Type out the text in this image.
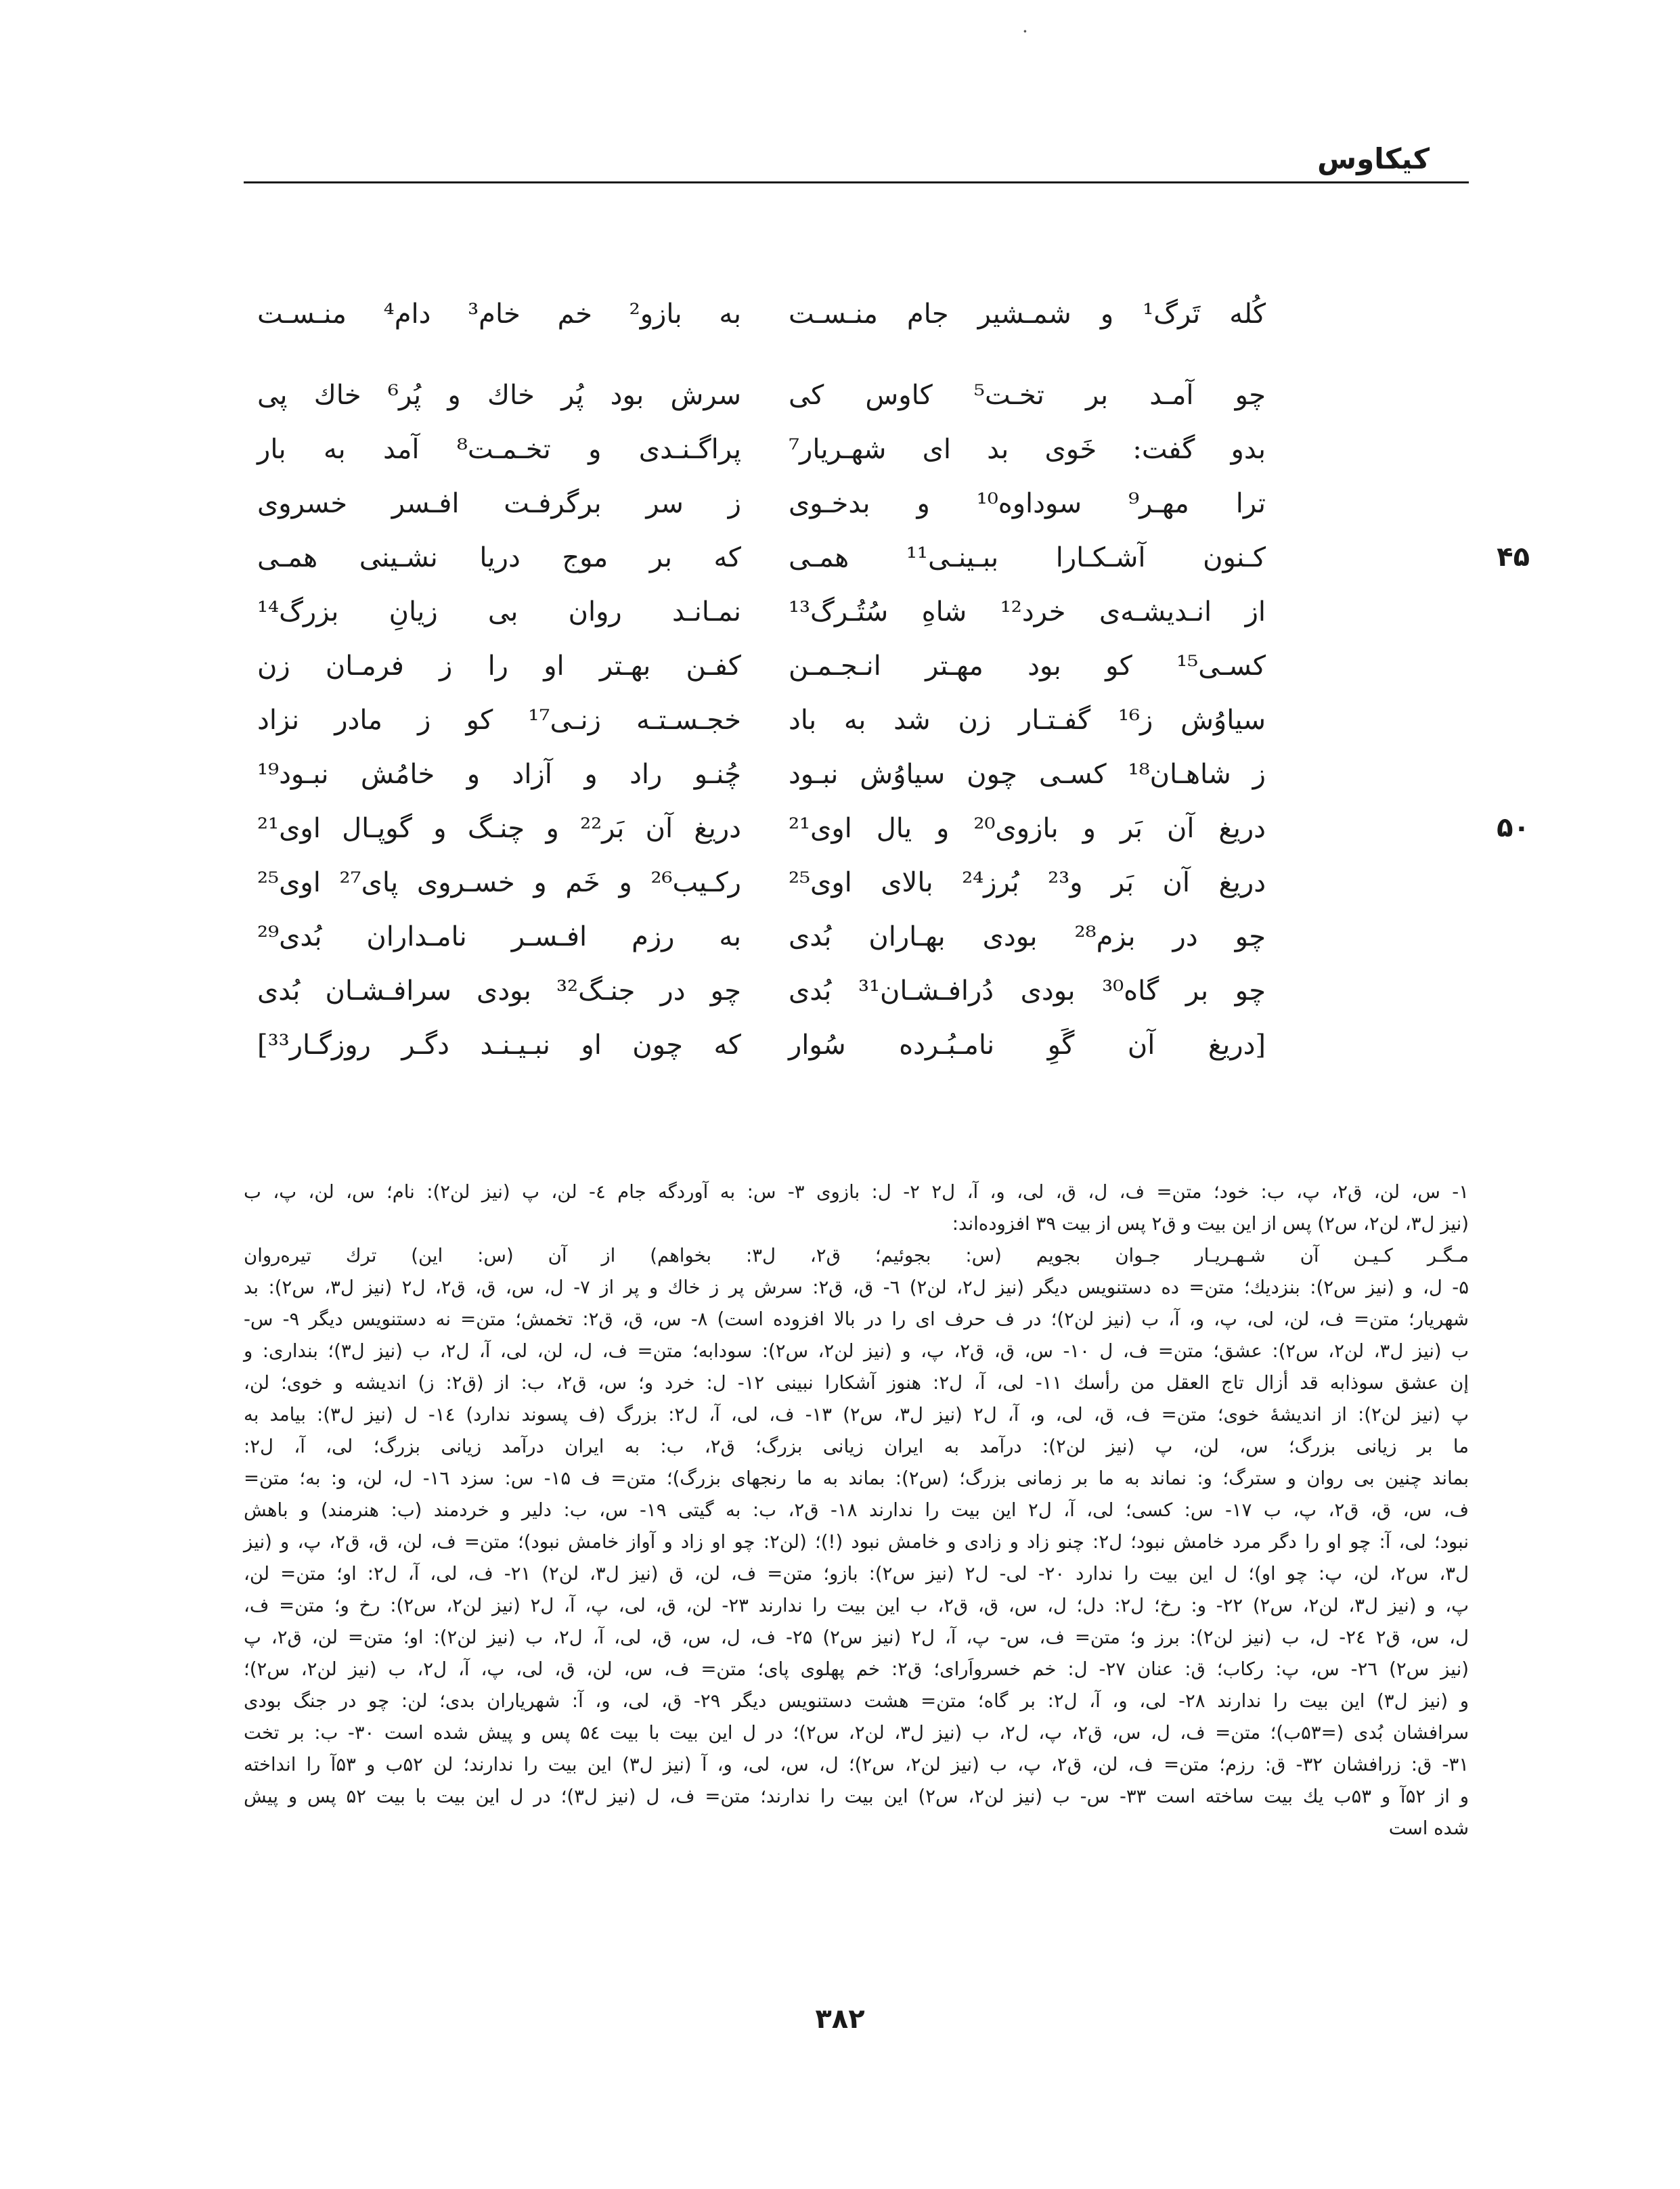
·
کیکاوس
کُله تَرگ¹ و شمـشیر جام منـسـت
به بازو² خم خام³ دام⁴ منـسـت
چو آمـد بر تخـت⁵ کاوس کی
سرش بود پُر خاك و پُر⁶ خاك پی
بدو گفت: خَوی بد ای شهـریار⁷
پراگـنـدی و تخـمـت⁸ آمد به بار
ترا مهـر⁹ سوداوه¹⁰ و بدخـوی
ز سر برگرفـت افـسر خسروی
۴۵
کـنون آشـکـارا ببـینـی¹¹ همـی
که بر موج دریا نشـینی همـی
از انـدیشـه‌ی خرد¹² شاهِ سُتُـرگ¹³
نمـانـد روان بی زیانِ بزرگ¹⁴
کسـی¹⁵ کو بود مهـتر انـجـمـن
کفـن بهـتر او را ز فرمـان زن
سیاوُش ز¹⁶ گفـتـار زن شد به باد
خجـسـتـه زنـی¹⁷ کو ز مادر نزاد
ز شاهـان¹⁸ کسـی چون سیاوُش نبـود
چُنـو راد و آزاد و خامُش نبـود¹⁹
۵۰
دریغ آن بَر و بازوی²⁰ و یال اوی²¹
دریغ آن بَر²² و چنـگ و گوپـال اوی²¹
دریغ آن بَر و²³ بُرز²⁴ بالای اوی²⁵
رکـیب²⁶ و خَم و خسـروی پای²⁷ اوی²⁵
چو در بزم²⁸ بودی بهـاران بُدی
به رزم افـسـر نامـداران بُدی²⁹
چو بر گاه³⁰ بودی دُرافـشـان³¹ بُدی
چو در جنـگ³² بودی سرافـشـان بُدی
[دریغ آن گَوِ نامـبُـرده سُوار
که چون او نبـیـنـد دگـر روزگـار³³]
۱- س، لن، ق۲، پ، ب: خود؛ متن= ف، ل، ق، لی، و، آ، ل۲ ۲- ل: بازوی ۳- س: به آوردگه جام ٤- لن، پ (نیز لن۲): نام؛ س، لن، پ، ب
(نیز ل۳، لن۲، س۲) پس از این بیت و ق۲ پس از بیت ۳۹ افزوده‌اند:
مـگـر کـیـن آن شـهـریـار جـوان بجویم (س: بجوئیم؛ ق۲، ل۳: بخواهم) از آن (س: این) ترك تیره‌روان
۵- ل، و (نیز س۲): بنزدیك؛ متن= ده دستنویس دیگر (نیز ل۲، لن۲) ٦- ق، ق۲: سرش پر ز خاك و پر از ۷- ل، س، ق، ق۲، ل۲ (نیز ل۳، س۲): بد
شهریار؛ متن= ف، لن، لی، پ، و، آ، ب (نیز لن۲)؛ در ف حرف ای را در بالا افزوده است) ۸- س، ق، ق۲: تخمش؛ متن= نه دستنویس دیگر ۹- س-
ب (نیز ل۳، لن۲، س۲): عشق؛ متن= ف، ل ۱۰- س، ق، ق۲، پ، و (نیز لن۲، س۲): سودابه؛ متن= ف، ل، لن، لی، آ، ل۲، ب (نیز ل۳)؛ بنداری: و
إن عشق سوذابه قد أزال تاج العقل من رأسك ۱۱- لی، آ، ل۲: هنوز آشکارا نبینی ۱۲- ل: خرد و؛ س، ق۲، ب: از (ق۲: ز) اندیشه و خوی؛ لن،
پ (نیز لن۲): از اندیشهٔ خوی؛ متن= ف، ق، لی، و، آ، ل۲ (نیز ل۳، س۲) ۱۳- ف، لی، آ، ل۲: بزرگ (ف پسوند ندارد) ١٤- ل (نیز ل۳): بیامد به
ما بر زیانی بزرگ؛ س، لن، پ (نیز لن۲): درآمد به ایران زیانی بزرگ؛ ق۲، ب: به ایران درآمد زیانی بزرگ؛ لی، آ، ل۲:
بماند چنین بی روان و سترگ؛ و: نماند به ما بر زمانی بزرگ؛ (س۲): بماند به ما رنجهای بزرگ)؛ متن= ف ۱۵- س: سزد ۱٦- ل، لن، و: به؛ متن=
ف، س، ق، ق۲، پ، ب ۱۷- س: کسی؛ لی، آ، ل۲ این بیت را ندارند ۱۸- ق۲، ب: به گیتی ۱۹- س، ب: دلیر و خردمند (ب: هنرمند) و باهش
نبود؛ لی، آ: چو او را دگر مرد خامش نبود؛ ل۲: چنو زاد و زادی و خامش نبود (!)؛ (لن۲: چو او زاد و آواز خامش نبود)؛ متن= ف، لن، ق، ق۲، پ، و (نیز
ل۳، س۲، لن، پ: چو او)؛ ل این بیت را ندارد ۲۰- لی- ل۲ (نیز س۲): بازو؛ متن= ف، لن، ق (نیز ل۳، لن۲) ۲۱- ف، لی، آ، ل۲: او؛ متن= لن،
پ، و (نیز ل۳، لن۲، س۲) ۲۲- و: رخ؛ ل۲: دل؛ ل، س، ق، ق۲، ب این بیت را ندارند ۲۳- لن، ق، لی، پ، آ، ل۲ (نیز لن۲، س۲): رخ و؛ متن= ف،
ل، س، ق۲ ۲٤- ل، ب (نیز لن۲): برز و؛ متن= ف، س- پ، آ، ل۲ (نیز س۲) ۲۵- ف، ل، س، ق، لی، آ، ل۲، ب (نیز لن۲): او؛ متن= لن، ق۲، پ
(نیز س۲) ۲٦- س، پ: رکاب؛ ق: عنان ۲۷- ل: خم خسرواَرای؛ ق۲: خم پهلوی پای؛ متن= ف، س، لن، ق، لی، پ، آ، ل۲، ب (نیز لن۲، س۲)؛
و (نیز ل۳) این بیت را ندارند ۲۸- لی، و، آ، ل۲: بر گاه؛ متن= هشت دستنویس دیگر ۲۹- ق، لی، و، آ: شهریاران بدی؛ لن: چو در جنگ بودی
سرافشان بُدی (=۵۳ب)؛ متن= ف، ل، س، ق۲، پ، ل۲، ب (نیز ل۳، لن۲، س۲)؛ در ل این بیت با بیت ۵٤ پس و پیش شده است ۳۰- ب: بر تخت
۳۱- ق: زرافشان ۳۲- ق: رزم؛ متن= ف، لن، ق۲، پ، ب (نیز لن۲، س۲)؛ ل، س، لی، و، آ (نیز ل۳) این بیت را ندارند؛ لن ۵۲ب و ۵۳آ را انداخته
و از ۵۲آ و ۵۳ب یك بیت ساخته است ۳۳- س- ب (نیز لن۲، س۲) این بیت را ندارند؛ متن= ف، ل (نیز ل۳)؛ در ل این بیت با بیت ۵۲ پس و پیش
شده است
۳۸۲
